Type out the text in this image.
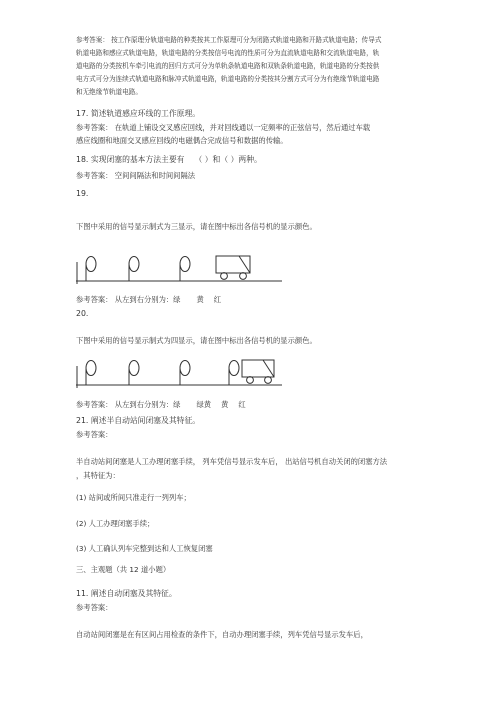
参考答案： 按工作原理分轨道电路的种类按其工作原理可分为闭路式轨道电路和开路式轨道电路；传导式
轨道电路和感应式轨道电路，轨道电路的分类按信号电流的性质可分为直流轨道电路和交流轨道电路，轨
道电路的分类按机车牵引电流的回归方式可分为单轨条轨道电路和双轨条轨道电路，轨道电路的分类按供
电方式可分为连续式轨道电路和脉冲式轨道电路，轨道电路的分类按其分割方式可分为有绝缘节轨道电路
和无绝缘节轨道电路。
17. 简述轨道感应环线的工作原理。
参考答案： 在轨道上铺设交叉感应回线，并对回线通以一定频率的正弦信号，然后通过车载
感应线圈和地面交叉感应回线的电磁偶合完成信号和数据的传输。
18. 实现闭塞的基本方法主要有 （ ）和（ ）两种。
参考答案： 空间间隔法和时间间隔法
19.
下图中采用的信号显示制式为三显示，请在图中标出各信号机的显示颜色。
参考答案： 从左到右分别为：绿 黄 红
20.
下图中采用的信号显示制式为四显示，请在图中标出各信号机的显示颜色。
参考答案： 从左到右分别为：绿 绿黄 黄 红
21. 阐述半自动站间闭塞及其特征。
参考答案：
半自动站间闭塞是人工办理闭塞手续， 列车凭信号显示发车后， 出站信号机自动关闭的闭塞方法
，其特征为：
(1) 站间或所间只准走行一列列车；
(2) 人工办理闭塞手续；
(3) 人工确认列车完整到达和人工恢复闭塞
三、主观题（共 12 道小题）
11. 阐述自动闭塞及其特征。
参考答案：
自动站间闭塞是在有区间占用检查的条件下，自动办理闭塞手续，列车凭信号显示发车后，
